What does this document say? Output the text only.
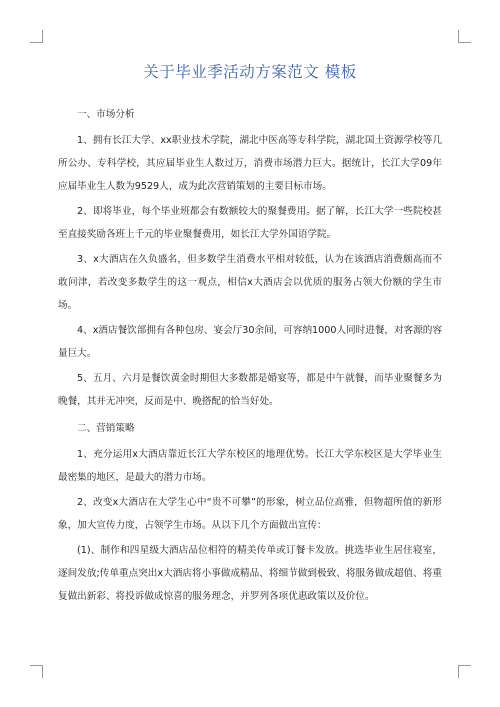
关于毕业季活动方案范文 模板
一、市场分析

1、拥有长江大学、xx职业技术学院，湖北中医高等专科学院，湖北国土资源学校等几所公办、专科学校，其应届毕业生人数过万，消费市场潜力巨大。据统计，长江大学09年应届毕业生人数为9529人，成为此次营销策划的主要目标市场。

2、即将毕业，每个毕业班都会有数额较大的聚餐费用。据了解，长江大学一些院校甚至直接奖励各班上千元的毕业聚餐费用，如长江大学外国语学院。

3、x大酒店在久负盛名，但多数学生消费水平相对较低，认为在该酒店消费颇高而不敢问津，若改变多数学生的这一观点，相信x大酒店会以优质的服务占领大份额的学生市场。

4、x酒店餐饮部拥有各种包房、宴会厅30余间，可容纳1000人同时进餐，对客源的容量巨大。

5、五月、六月是餐饮黄金时期但大多数都是婚宴等，都是中午就餐，而毕业聚餐多为晚餐，其并无冲突，反而是中、晚搭配的恰当好处。

二、营销策略

1、充分运用x大酒店靠近长江大学东校区的地理优势。长江大学东校区是大学毕业生最密集的地区，是最大的潜力市场。

2、改变x大酒店在大学生心中“贵不可攀”的形象，树立品位高雅，但物超所值的新形象，加大宣传力度，占领学生市场。从以下几个方面做出宣传：

(1)、制作和四星级大酒店品位相符的精美传单或订餐卡发放。挑选毕业生居住寝室，逐间发放;传单重点突出x大酒店将小事做成精品、将细节做到极致、将服务做成超值、将重复做出新彩、将投诉做成惊喜的服务理念，并罗列各项优惠政策以及价位。
